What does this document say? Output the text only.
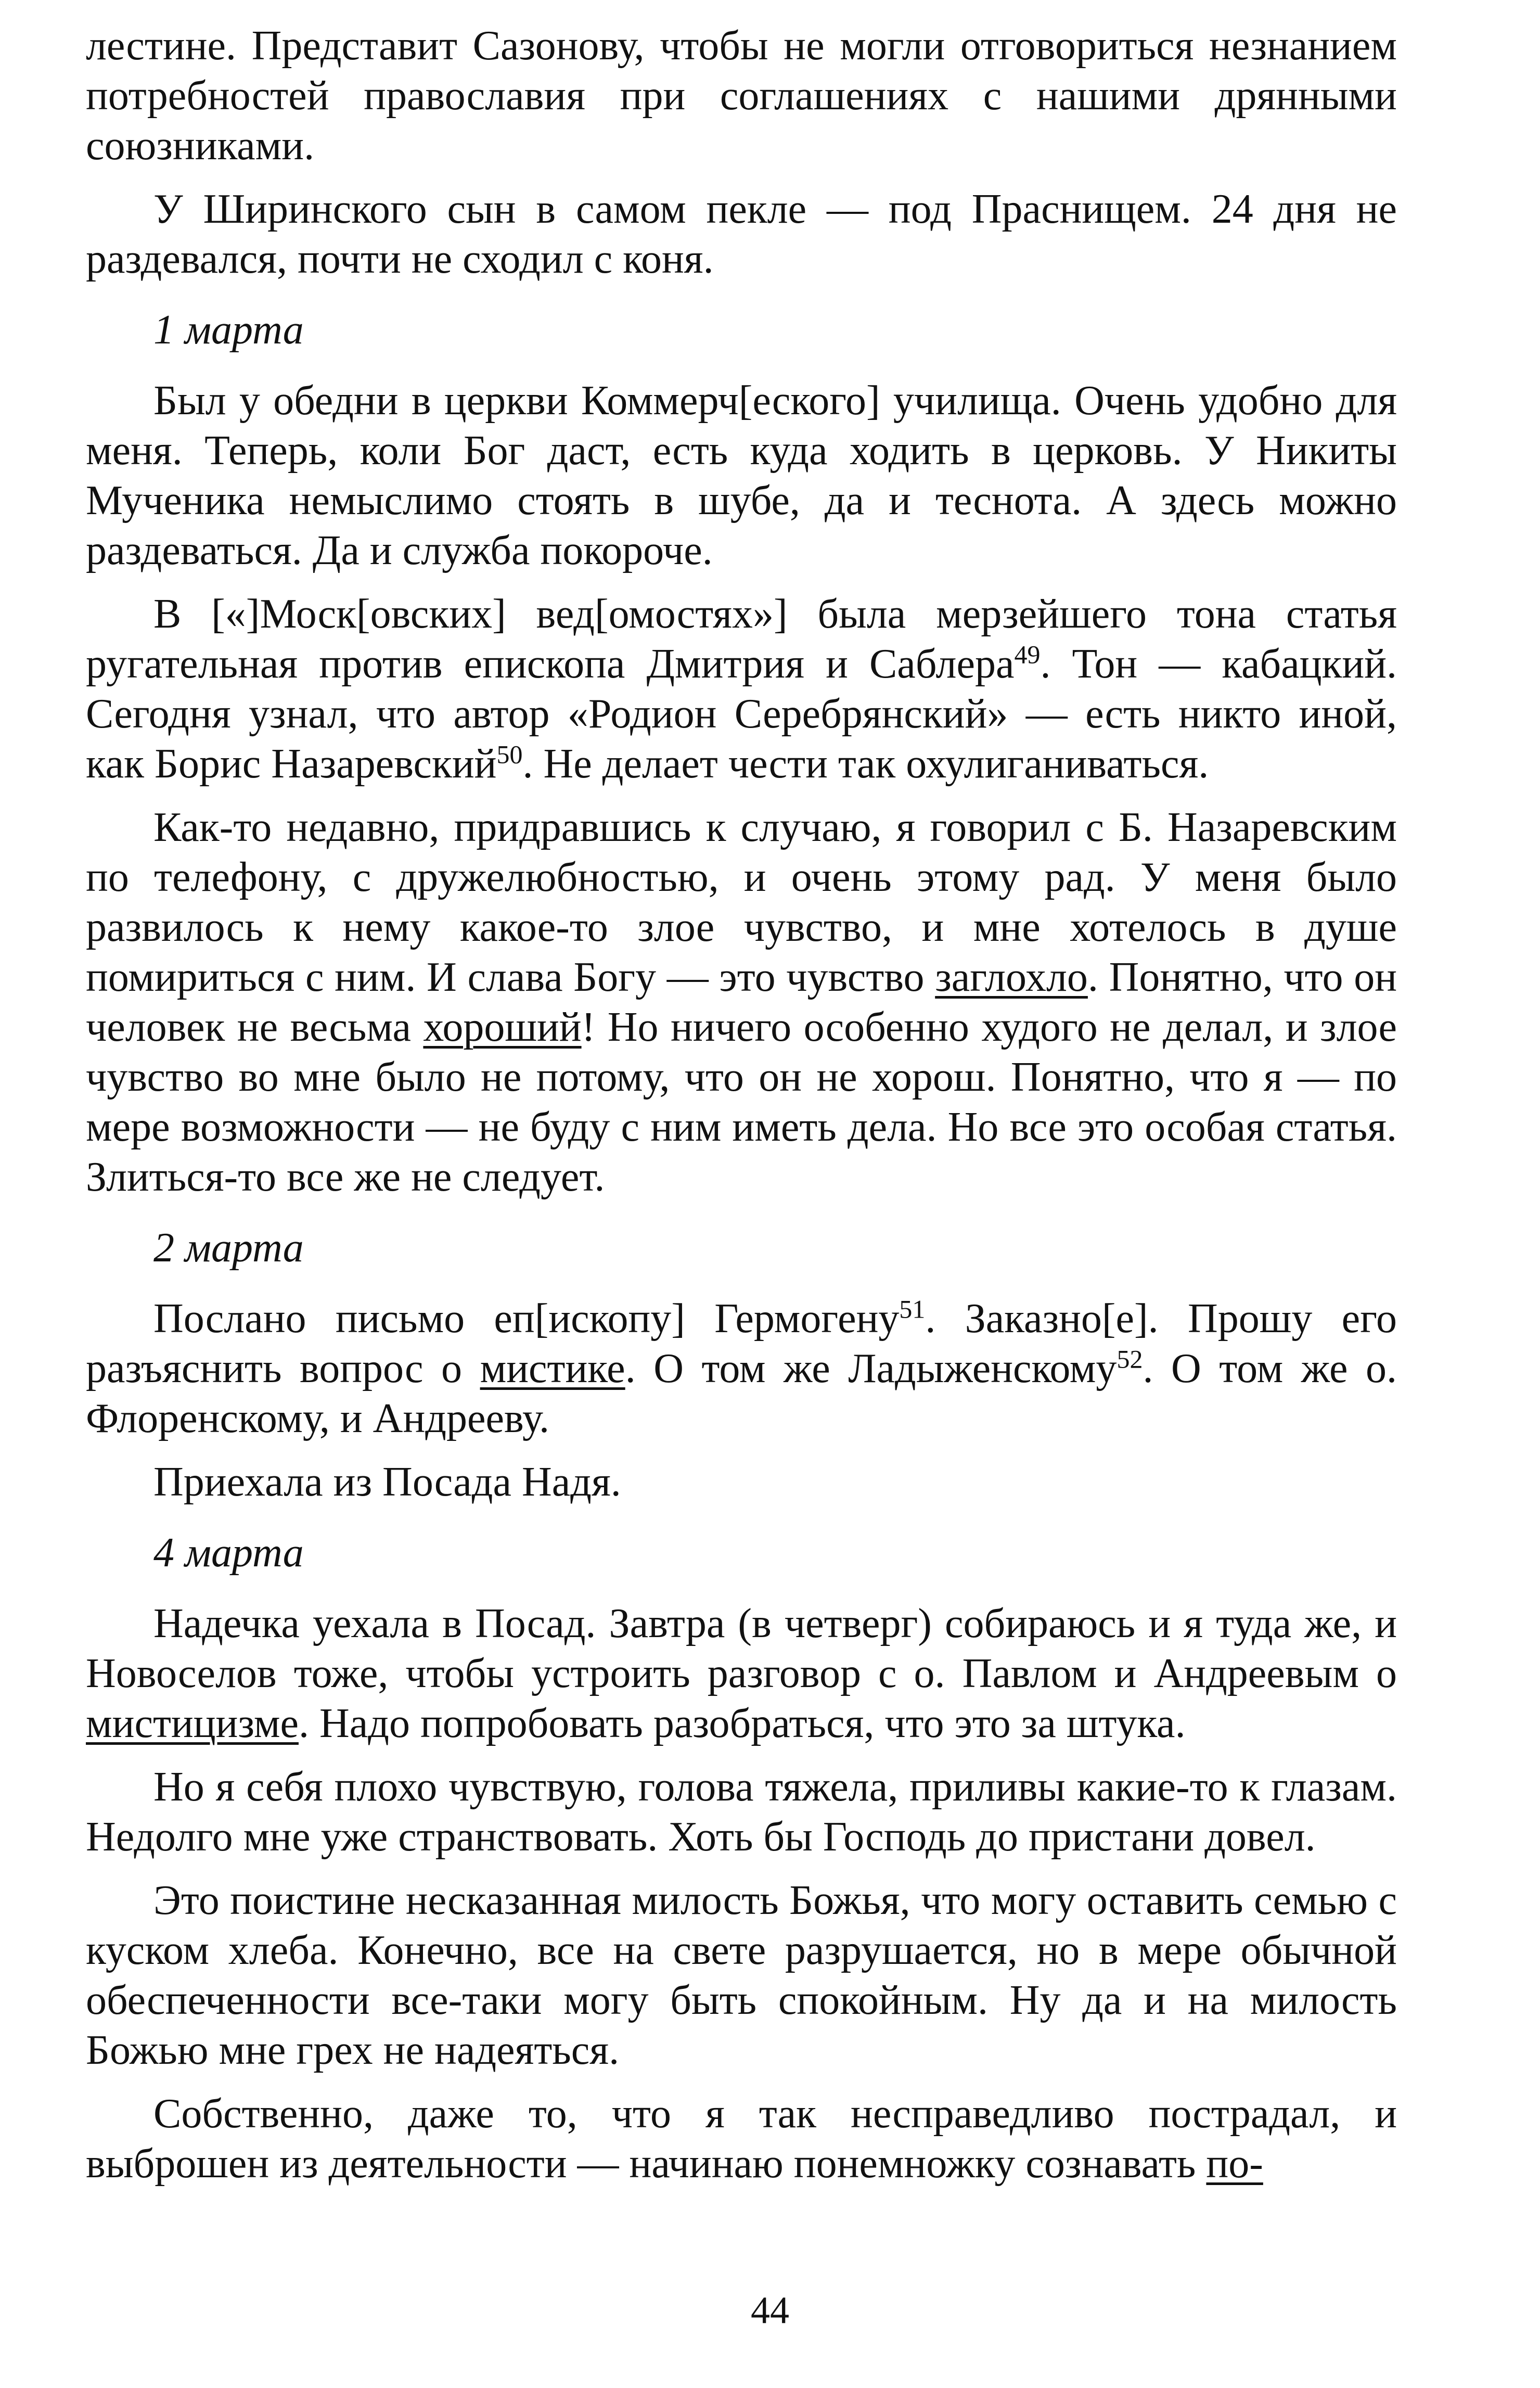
лестине. Представит Сазонову, чтобы не могли отговориться незнанием потребностей православия при соглашениях с нашими дрянными союзниками.

У Ширинского сын в самом пекле — под Праснищем. 24 дня не раздевался, почти не сходил с коня.

1 марта

Был у обедни в церкви Коммерч[еского] училища. Очень удобно для меня. Теперь, коли Бог даст, есть куда ходить в церковь. У Никиты Мученика немыслимо стоять в шубе, да и теснота. А здесь можно раздеваться. Да и служба покороче.

В [«]Моск[овских] вед[омостях»] была мерзейшего тона статья ругательная против епископа Дмитрия и Саблера$^{49}$. Тон — кабацкий. Сегодня узнал, что автор «Родион Серебрянский» — есть никто иной, как Борис Назаревский$^{50}$. Не делает чести так охулиганиваться.

Как-то недавно, придравшись к случаю, я говорил с Б. Назаревским по телефону, с дружелюбностью, и очень этому рад. У меня было развилось к нему какое-то злое чувство, и мне хотелось в душе помириться с ним. И слава Богу — это чувство заглохло. Понятно, что он человек не весьма хороший! Но ничего особенно худого не делал, и злое чувство во мне было не потому, что он не хорош. Понятно, что я — по мере возможности — не буду с ним иметь дела. Но все это особая статья. Злиться-то все же не следует.

2 марта

Послано письмо еп[ископу] Гермогену$^{51}$. Заказно[е]. Прошу его разъяснить вопрос о мистике. О том же Ладыженскому$^{52}$. О том же о. Флоренскому, и Андрееву.

Приехала из Посада Надя.

4 марта

Надечка уехала в Посад. Завтра (в четверг) собираюсь и я туда же, и Новоселов тоже, чтобы устроить разговор с о. Павлом и Андреевым о мистицизме. Надо попробовать разобраться, что это за штука.

Но я себя плохо чувствую, голова тяжела, приливы какие-то к глазам. Недолго мне уже странствовать. Хоть бы Господь до пристани довел.

Это поистине несказанная милость Божья, что могу оставить семью с куском хлеба. Конечно, все на свете разрушается, но в мере обычной обеспеченности все-таки могу быть спокойным. Ну да и на милость Божью мне грех не надеяться.

Собственно, даже то, что я так несправедливо пострадал, и выброшен из деятельности — начинаю понемножку сознавать по-

44
